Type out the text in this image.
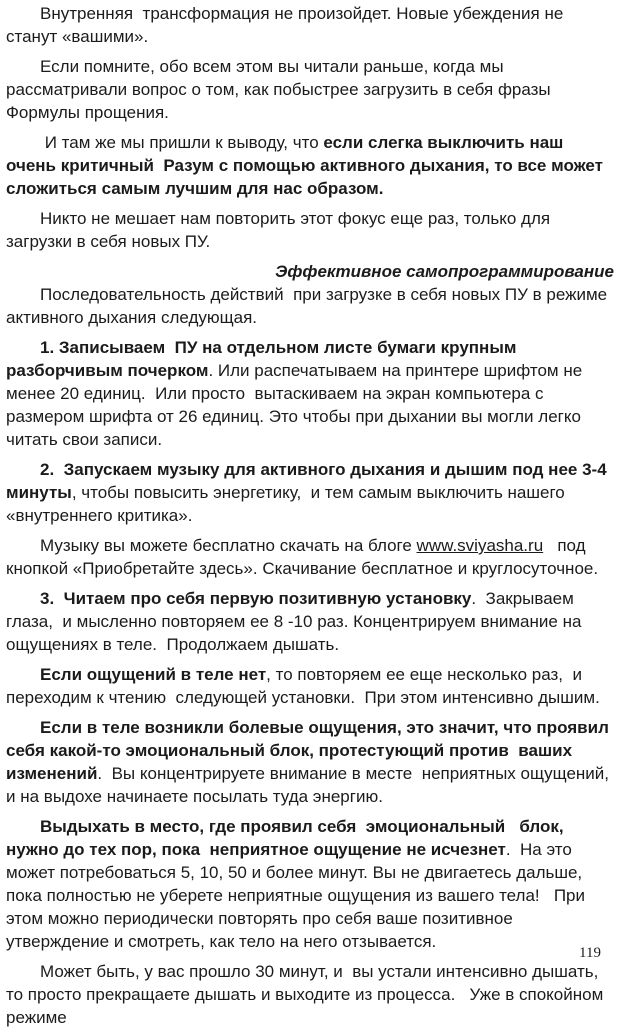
Внутренняя  трансформация не произойдет. Новые убеждения не станут «вашими».

Если помните, обо всем этом вы читали раньше, когда мы рассматривали вопрос о том, как побыстрее загрузить в себя фразы Формулы прощения.

И там же мы пришли к выводу, что если слегка выключить наш очень критичный  Разум с помощью активного дыхания, то все может сложиться самым лучшим для нас образом.

Никто не мешает нам повторить этот фокус еще раз, только для загрузки в себя новых ПУ.

Эффективное самопрограммирование

Последовательность действий  при загрузке в себя новых ПУ в режиме активного дыхания следующая.

1. Записываем  ПУ на отдельном листе бумаги крупным разборчивым почерком. Или распечатываем на принтере шрифтом не менее 20 единиц.  Или просто  вытаскиваем на экран компьютера с размером шрифта от 26 единиц. Это чтобы при дыхании вы могли легко читать свои записи.

2.  Запускаем музыку для активного дыхания и дышим под нее 3-4 минуты, чтобы повысить энергетику,  и тем самым выключить нашего «внутреннего критика».

Музыку вы можете бесплатно скачать на блоге www.sviyasha.ru   под кнопкой «Приобретайте здесь». Скачивание бесплатное и круглосуточное.

3.  Читаем про себя первую позитивную установку.  Закрываем глаза,  и мысленно повторяем ее 8 -10 раз. Концентрируем внимание на ощущениях в теле.  Продолжаем дышать.

Если ощущений в теле нет, то повторяем ее еще несколько раз,  и переходим к чтению  следующей установки.  При этом интенсивно дышим.

Если в теле возникли болевые ощущения, это значит, что проявил себя какой-то эмоциональный блок, протестующий против  ваших изменений.  Вы концентрируете внимание в месте  неприятных ощущений, и на выдохе начинаете посылать туда энергию.

Выдыхать в место, где проявил себя  эмоциональный   блок,  нужно до тех пор, пока  неприятное ощущение не исчезнет.  На это может потребоваться 5, 10, 50 и более минут. Вы не двигаетесь дальше, пока полностью не уберете неприятные ощущения из вашего тела!   При этом можно периодически повторять про себя ваше позитивное утверждение и смотреть, как тело на него отзывается.

Может быть, у вас прошло 30 минут, и  вы устали интенсивно дышать,  то просто прекращаете дышать и выходите из процесса.   Уже в спокойном режиме

119
